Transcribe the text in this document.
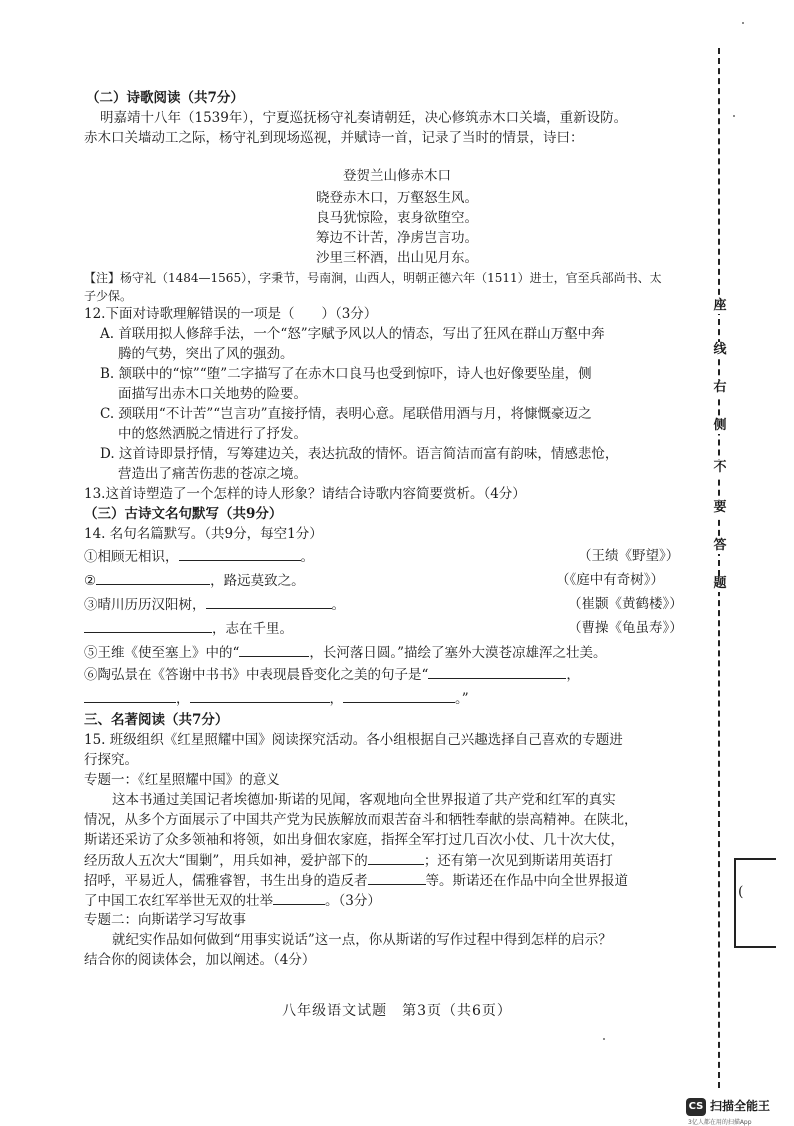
座
线
右
侧
不
要
答
题
(
（二）诗歌阅读（共7分）
明嘉靖十八年（1539年），宁夏巡抚杨守礼奏请朝廷，决心修筑赤木口关墙，重新设防。
赤木口关墙动工之际，杨守礼到现场巡视，并赋诗一首，记录了当时的情景，诗曰：
登贺兰山修赤木口
晓登赤木口，万壑怒生风。
良马犹惊险，衷身欲堕空。
筹边不计苦，净虏岂言功。
沙里三杯酒，出山见月东。
【注】杨守礼（1484—1565），字秉节，号南涧，山西人，明朝正德六年（1511）进士，官至兵部尚书、太
子少保。
12.下面对诗歌理解错误的一项是（　　）（3分）
A. 首联用拟人修辞手法，一个“怒”字赋予风以人的情态，写出了狂风在群山万壑中奔
腾的气势，突出了风的强劲。
B. 颔联中的“惊”“堕”二字描写了在赤木口良马也受到惊吓，诗人也好像要坠崖，侧
面描写出赤木口关地势的险要。
C. 颈联用“不计苦”“岂言功”直接抒情，表明心意。尾联借用酒与月，将慷慨豪迈之
中的悠然洒脱之情进行了抒发。
D. 这首诗即景抒情，写筹建边关，表达抗敌的情怀。语言简洁而富有韵味，情感悲怆，
营造出了痛苦伤悲的苍凉之境。
13.这首诗塑造了一个怎样的诗人形象？请结合诗歌内容简要赏析。（4分）
（三）古诗文名句默写（共9分）
14. 名句名篇默写。（共9分，每空1分）
①相顾无相识，	。	（王绩《野望》）
②	，路远莫致之。	（《庭中有奇树》）
③晴川历历汉阳树，	。	（崔颢《黄鹤楼》）
，志在千里。	（曹操《龟虽寿》）
⑤王维《使至塞上》中的“	，长河落日圆。”描绘了塞外大漠苍凉雄浑之壮美。
⑥陶弘景在《答谢中书书》中表现晨昏变化之美的句子是“	，
，	，	。”
三、名著阅读（共7分）
15. 班级组织《红星照耀中国》阅读探究活动。各小组根据自己兴趣选择自己喜欢的专题进
行探究。
专题一：《红星照耀中国》的意义
这本书通过美国记者埃德加·斯诺的见闻，客观地向全世界报道了共产党和红军的真实
情况，从多个方面展示了中国共产党为民族解放而艰苦奋斗和牺牲奉献的崇高精神。在陕北，
斯诺还采访了众多领袖和将领，如出身佃农家庭，指挥全军打过几百次小仗、几十次大仗，
经历敌人五次大“围剿”，用兵如神，爱护部下的	；还有第一次见到斯诺用英语打
招呼，平易近人，儒雅睿智，书生出身的造反者	等。斯诺还在作品中向全世界报道
了中国工农红军举世无双的壮举	。（3分）
专题二：向斯诺学习写故事
就纪实作品如何做到“用事实说话”这一点，你从斯诺的写作过程中得到怎样的启示？
结合你的阅读体会，加以阐述。（4分）
八年级语文试题　第3页（共6页）
CS 扫描全能王
3亿人都在用的扫描App
